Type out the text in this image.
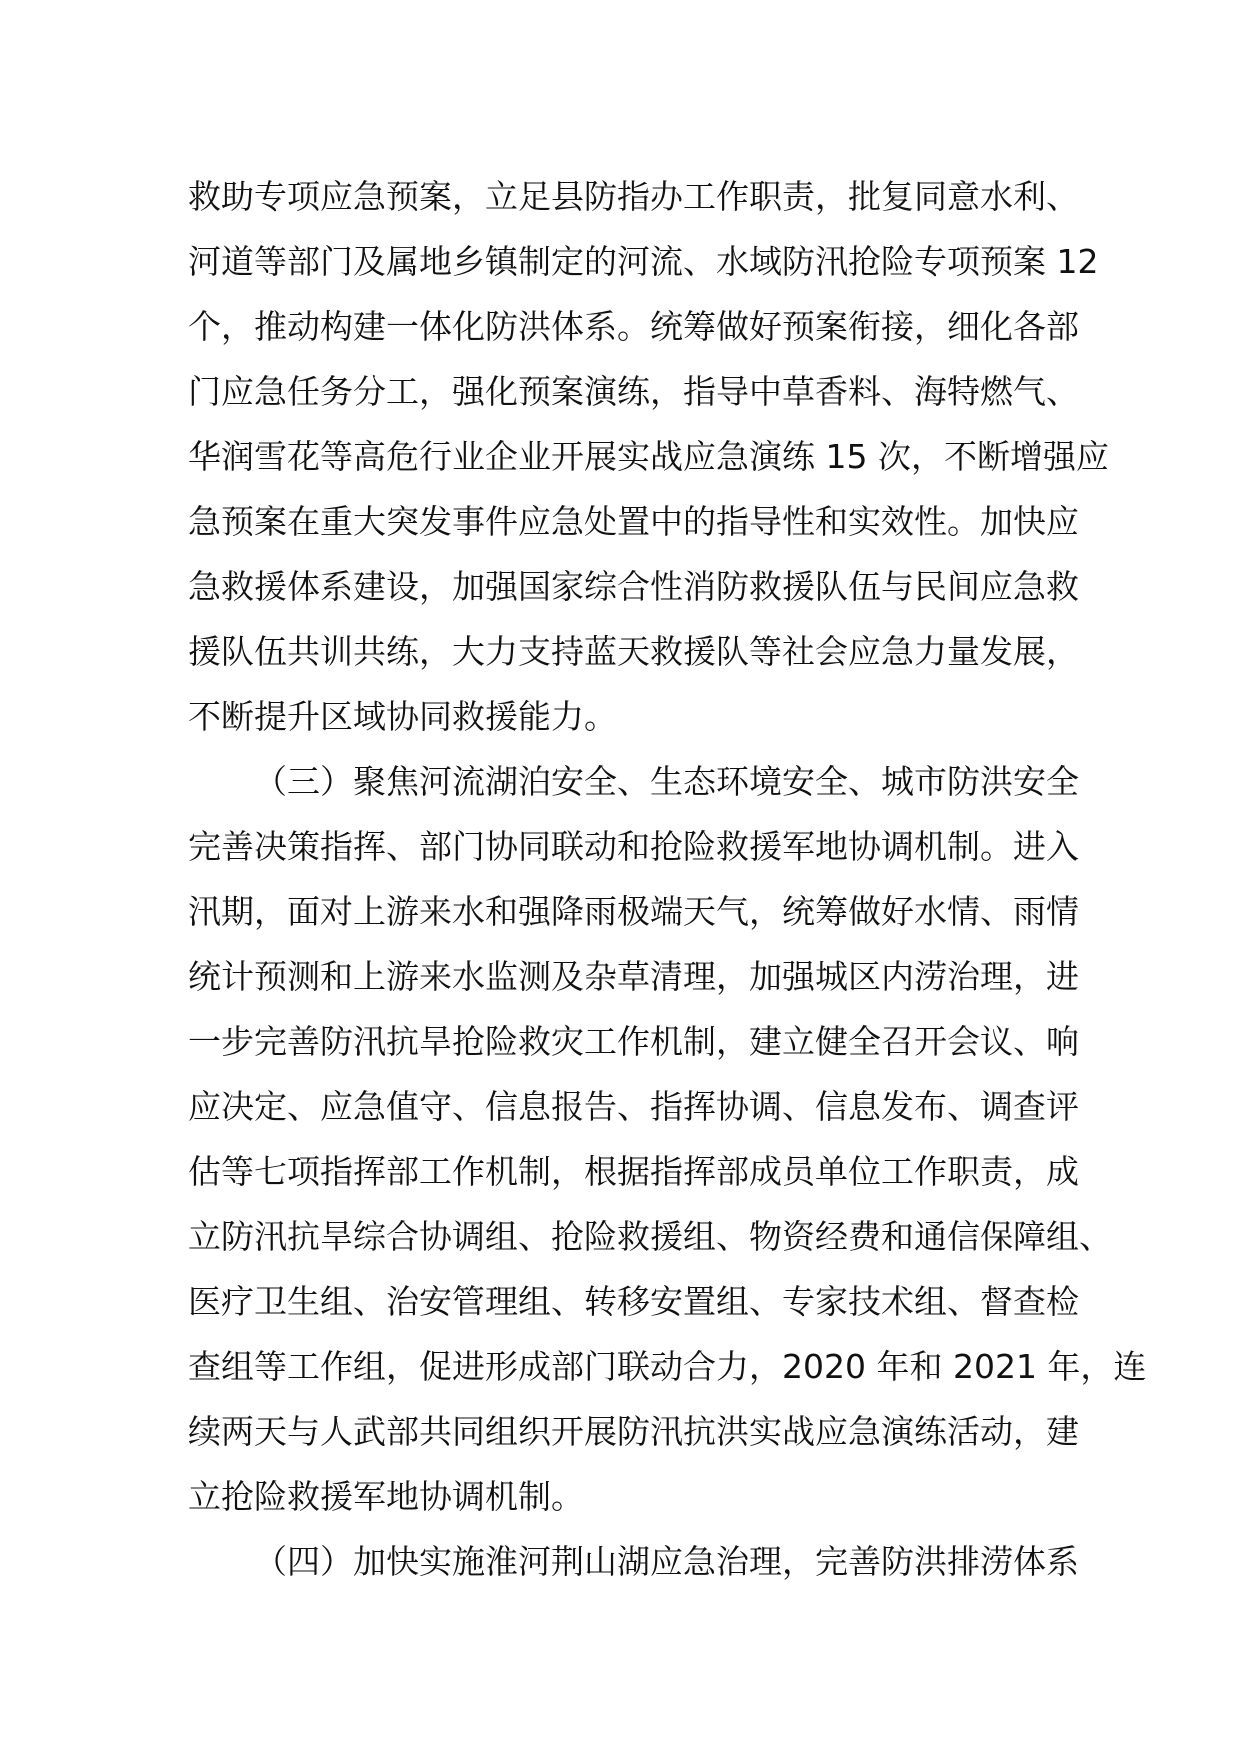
救助专项应急预案，立足县防指办工作职责，批复同意水利、
河道等部门及属地乡镇制定的河流、水域防汛抢险专项预案 12
个，推动构建一体化防洪体系。统筹做好预案衔接，细化各部
门应急任务分工，强化预案演练，指导中草香料、海特燃气、
华润雪花等高危行业企业开展实战应急演练 15 次，不断增强应
急预案在重大突发事件应急处置中的指导性和实效性。加快应
急救援体系建设，加强国家综合性消防救援队伍与民间应急救
援队伍共训共练，大力支持蓝天救援队等社会应急力量发展，
不断提升区域协同救援能力。
（三）聚焦河流湖泊安全、生态环境安全、城市防洪安全
完善决策指挥、部门协同联动和抢险救援军地协调机制。进入
汛期，面对上游来水和强降雨极端天气，统筹做好水情、雨情
统计预测和上游来水监测及杂草清理，加强城区内涝治理，进
一步完善防汛抗旱抢险救灾工作机制，建立健全召开会议、响
应决定、应急值守、信息报告、指挥协调、信息发布、调查评
估等七项指挥部工作机制，根据指挥部成员单位工作职责，成
立防汛抗旱综合协调组、抢险救援组、物资经费和通信保障组、
医疗卫生组、治安管理组、转移安置组、专家技术组、督查检
查组等工作组，促进形成部门联动合力，2020 年和 2021 年，连
续两天与人武部共同组织开展防汛抗洪实战应急演练活动，建
立抢险救援军地协调机制。
（四）加快实施淮河荆山湖应急治理，完善防洪排涝体系
